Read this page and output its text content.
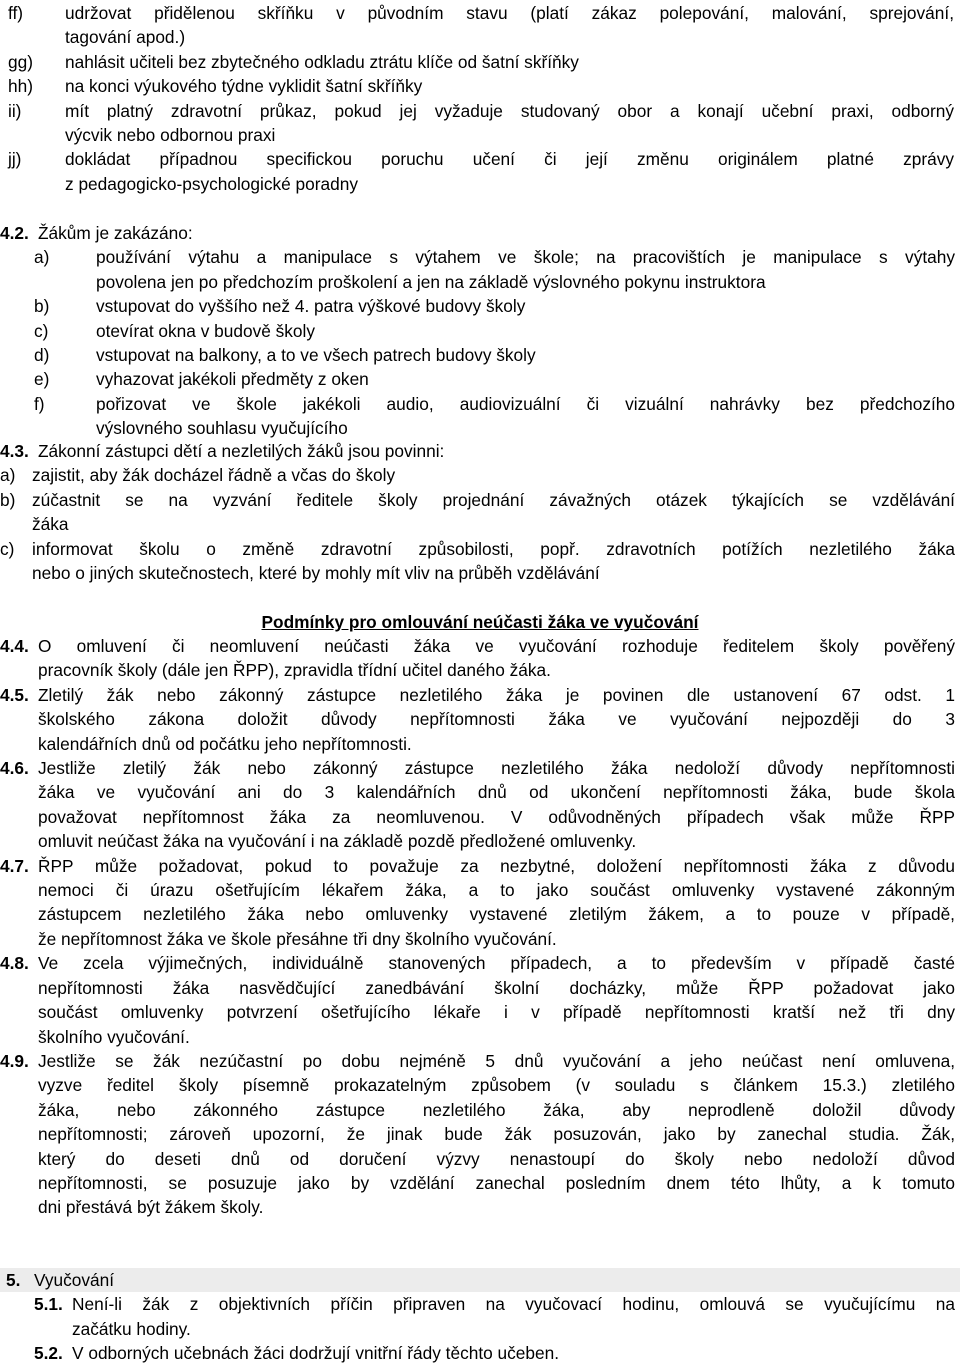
ff)	udržovat přidělenou skříňku v původním stavu (platí zákaz polepování, malování, sprejování,
tagování apod.)
gg)	nahlásit učiteli bez zbytečného odkladu ztrátu klíče od šatní skříňky
hh)	na konci výukového týdne vyklidit šatní skříňky
ii)	mít platný zdravotní průkaz, pokud jej vyžaduje studovaný obor a konají učební praxi, odborný
výcvik nebo odbornou praxi
jj)	dokládat případnou specifickou poruchu učení či její změnu originálem platné zprávy
z pedagogicko-psychologické poradny
4.2. Žákům je zakázáno:
a)	používání výtahu a manipulace s výtahem ve škole; na pracovištích je manipulace s výtahy
povolena jen po předchozím proškolení a jen na základě výslovného pokynu instruktora
b)	vstupovat do vyššího než 4. patra výškové budovy školy
c)	otevírat okna v budově školy
d)	vstupovat na balkony, a to ve všech patrech budovy školy
e)	vyhazovat jakékoli předměty z oken
f)	pořizovat ve škole jakékoli audio, audiovizuální či vizuální nahrávky bez předchozího
výslovného souhlasu vyučujícího
4.3. Zákonní zástupci dětí a nezletilých žáků jsou povinni:
a) zajistit, aby žák docházel řádně a včas do školy
b) zúčastnit se na vyzvání ředitele školy projednání závažných otázek týkajících se vzdělávání
žáka
c)	informovat školu o změně zdravotní způsobilosti, popř. zdravotních potížích nezletilého žáka
nebo o jiných skutečnostech, které by mohly mít vliv na průběh vzdělávání
Podmínky pro omlouvání neúčasti žáka ve vyučování
4.4. O omluvení či neomluvení neúčasti žáka ve vyučování rozhoduje ředitelem školy pověřený
pracovník školy (dále jen ŘPP), zpravidla třídní učitel daného žáka.
4.5. Zletilý žák nebo zákonný zástupce nezletilého žáka je povinen dle ustanovení 67 odst. 1
školského zákona doložit důvody nepřítomnosti žáka ve vyučování nejpozději do 3
kalendářních dnů od počátku jeho nepřítomnosti.
4.6. Jestliže zletilý žák nebo zákonný zástupce nezletilého žáka nedoloží důvody nepřítomnosti
žáka ve vyučování ani do 3 kalendářních dnů od ukončení nepřítomnosti žáka, bude škola
považovat nepřítomnost žáka za neomluvenou. V odůvodněných případech však může ŘPP
omluvit neúčast žáka na vyučování i na základě pozdě předložené omluvenky.
4.7. ŘPP může požadovat, pokud to považuje za nezbytné, doložení nepřítomnosti žáka z důvodu
nemoci či úrazu ošetřujícím lékařem žáka, a to jako součást omluvenky vystavené zákonným
zástupcem nezletilého žáka nebo omluvenky vystavené zletilým žákem, a to pouze v případě,
že nepřítomnost žáka ve škole přesáhne tři dny školního vyučování.
4.8. Ve zcela výjimečných, individuálně stanovených případech, a to především v případě časté
nepřítomnosti žáka nasvědčující zanedbávání školní docházky, může ŘPP požadovat jako
součást omluvenky potvrzení ošetřujícího lékaře i v případě nepřítomnosti kratší než tři dny
školního vyučování.
4.9. Jestliže se žák nezúčastní po dobu nejméně 5 dnů vyučování a jeho neúčast není omluvena,
vyzve ředitel školy písemně prokazatelným způsobem (v souladu s článkem 15.3.) zletilého
žáka, nebo zákonného zástupce nezletilého žáka, aby neprodleně doložil důvody
nepřítomnosti; zároveň upozorní, že jinak bude žák posuzován, jako by zanechal studia. Žák,
který do deseti dnů od doručení výzvy nenastoupí do školy nebo nedoloží důvod
nepřítomnosti, se posuzuje jako by vzdělání zanechal posledním dnem této lhůty, a k tomuto
dni přestává být žákem školy.
5. Vyučování
5.1. Není-li žák z objektivních příčin připraven na vyučovací hodinu, omlouvá se vyučujícímu na
začátku hodiny.
5.2. V odborných učebnách žáci dodržují vnitřní řády těchto učeben.
